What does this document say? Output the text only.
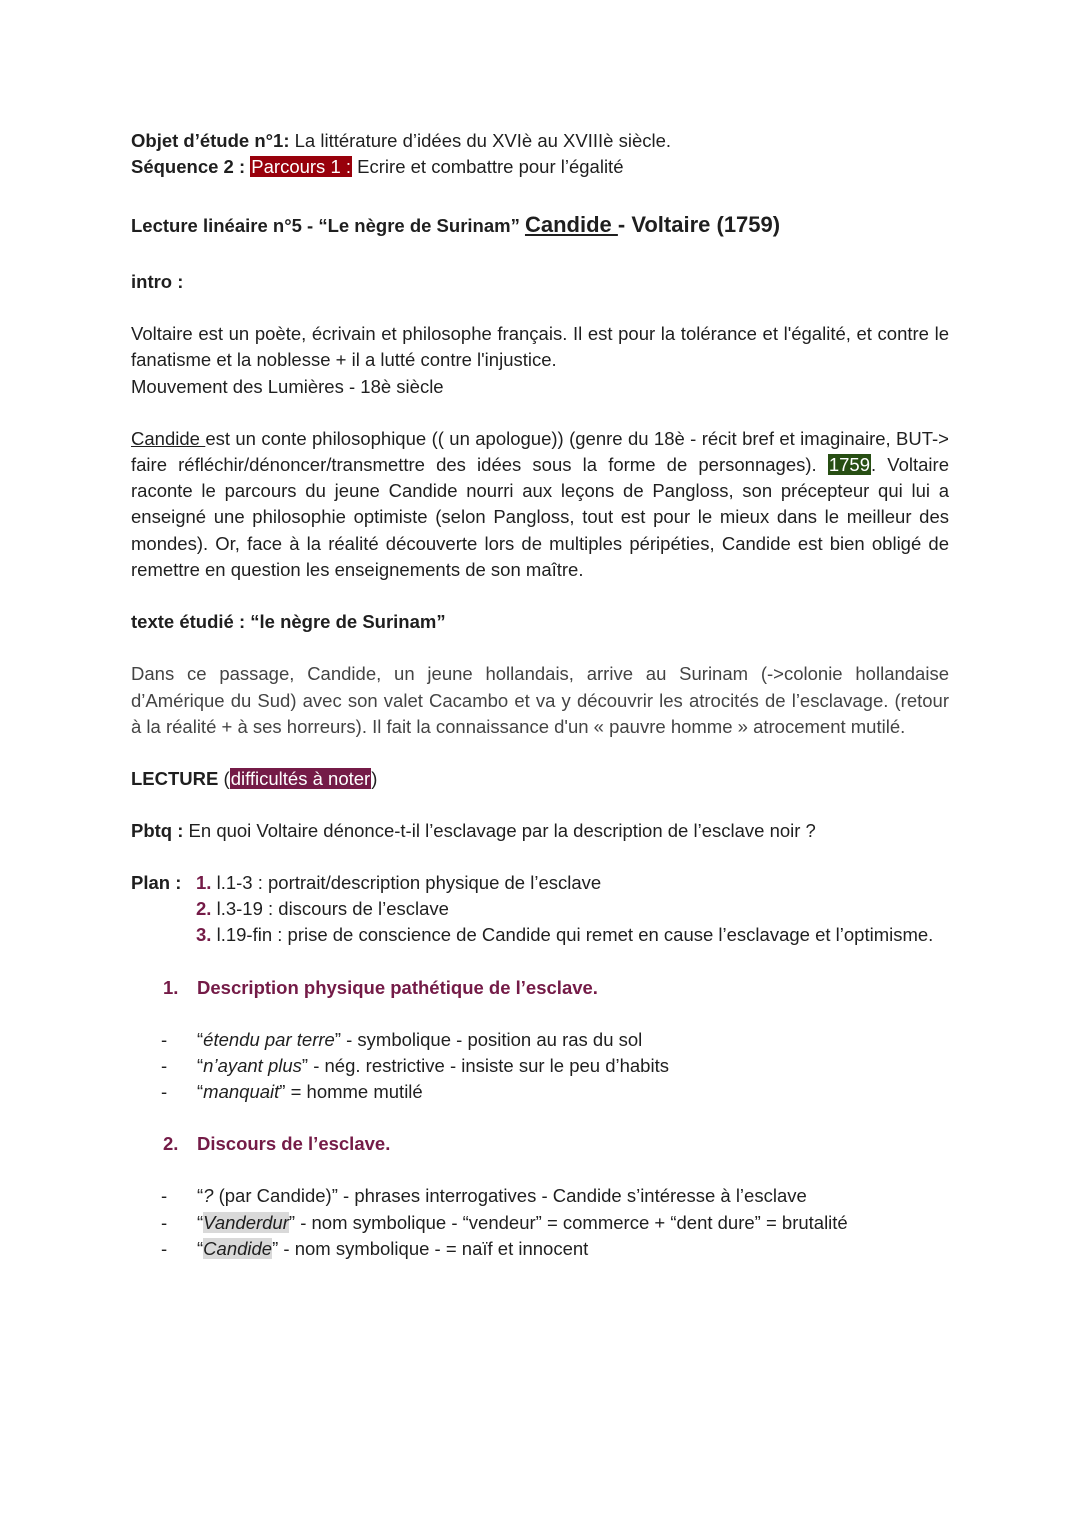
Objet d’étude n°1: La littérature d’idées du XVIè au XVIIIè siècle.
Séquence 2 : Parcours 1 : Ecrire et combattre pour l’égalité
Lecture linéaire n°5 - “Le nègre de Surinam” Candide - Voltaire (1759)
intro :

Voltaire est un poète, écrivain et philosophe français. Il est pour la tolérance et l'égalité, et contre le fanatisme et la noblesse + il a lutté contre l'injustice.

Mouvement des Lumières - 18è siècle

Candide est un conte philosophique (( un apologue)) (genre du 18è - récit bref et imaginaire, BUT-> faire réfléchir/dénoncer/transmettre des idées sous la forme de personnages). 1759. Voltaire raconte le parcours du jeune Candide nourri aux leçons de Pangloss, son précepteur qui lui a enseigné une philosophie optimiste (selon Pangloss, tout est pour le mieux dans le meilleur des mondes). Or, face à la réalité découverte lors de multiples péripéties, Candide est bien obligé de remettre en question les enseignements de son maître.

texte étudié : “le nègre de Surinam”

Dans ce passage, Candide, un jeune hollandais, arrive au Surinam (->colonie hollandaise d’Amérique du Sud) avec son valet Cacambo et va y découvrir les atrocités de l’esclavage. (retour à la réalité + à ses horreurs). Il fait la connaissance d'un « pauvre homme » atrocement mutilé.

LECTURE (difficultés à noter)
Pbtq : En quoi Voltaire dénonce-t-il l’esclavage par la description de l’esclave noir ?
Plan : 1. l.1-3 : portrait/description physique de l’esclave
2. l.3-19 : discours de l’esclave
3. l.19-fin : prise de conscience de Candide qui remet en cause l’esclavage et l’optimisme.
1. Description physique pathétique de l’esclave.
-	“étendu par terre” - symbolique - position au ras du sol
-	“n’ayant plus” - nég. restrictive - insiste sur le peu d’habits
-	“manquait” = homme mutilé
2. Discours de l’esclave.
-	“? (par Candide)” - phrases interrogatives - Candide s’intéresse à l’esclave
-	“Vanderdur” - nom symbolique - “vendeur” = commerce + “dent dure” = brutalité
-	“Candide” - nom symbolique - = naïf et innocent
